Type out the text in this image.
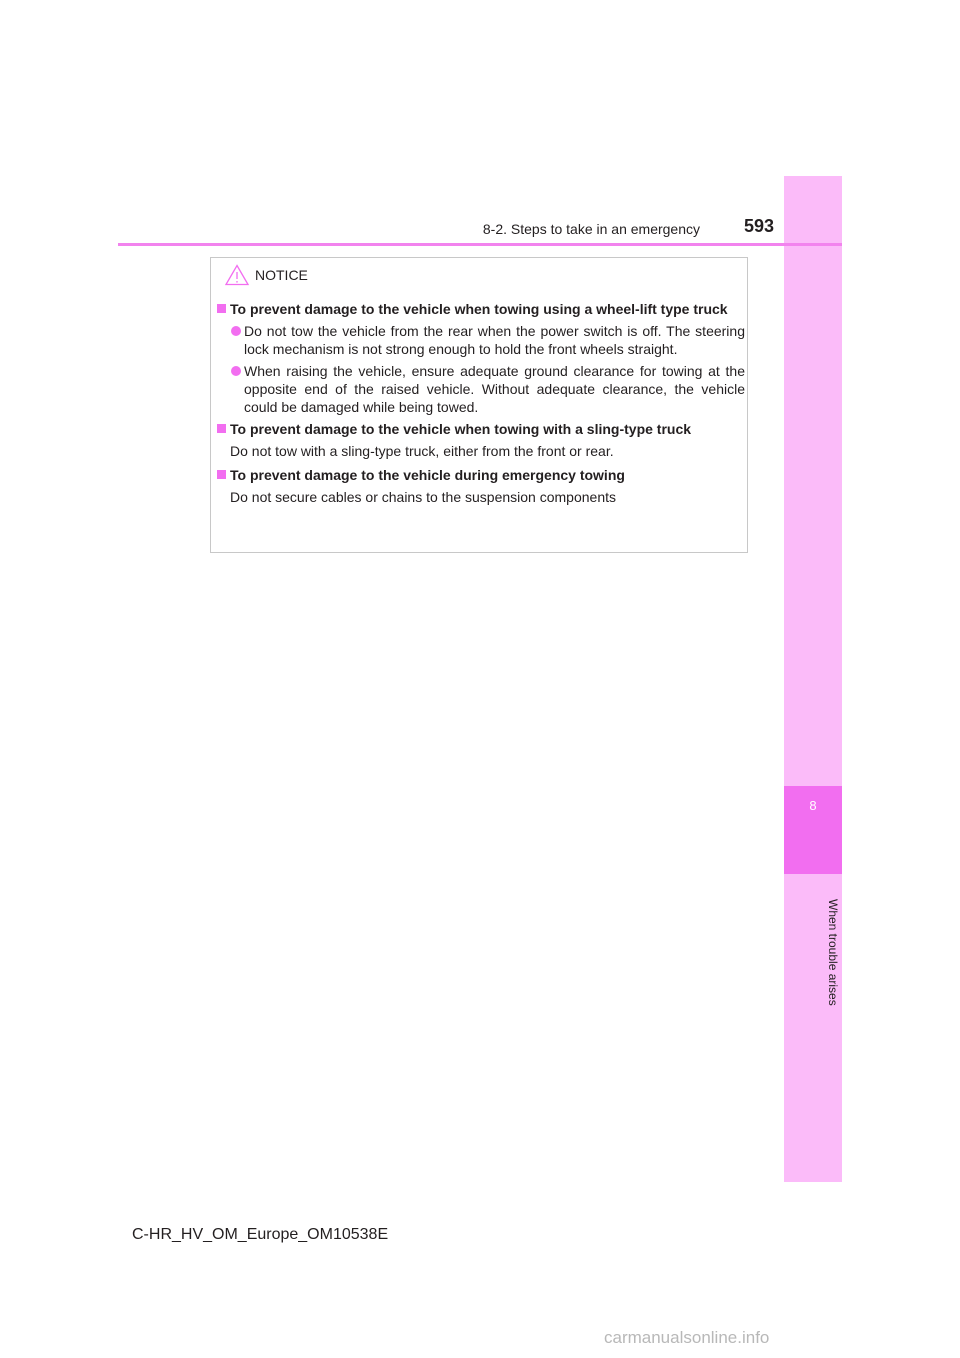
8
When trouble arises
8-2. Steps to take in an emergency	593
NOTICE
To prevent damage to the vehicle when towing using a wheel-lift type truck
Do not tow the vehicle from the rear when the power switch is off. The steering lock mechanism is not strong enough to hold the front wheels straight.
When raising the vehicle, ensure adequate ground clearance for towing at the opposite end of the raised vehicle. Without adequate clearance, the vehicle could be damaged while being towed.
To prevent damage to the vehicle when towing with a sling-type truck
Do not tow with a sling-type truck, either from the front or rear.
To prevent damage to the vehicle during emergency towing
Do not secure cables or chains to the suspension components
C-HR_HV_OM_Europe_OM10538E
carmanualsonline.info
